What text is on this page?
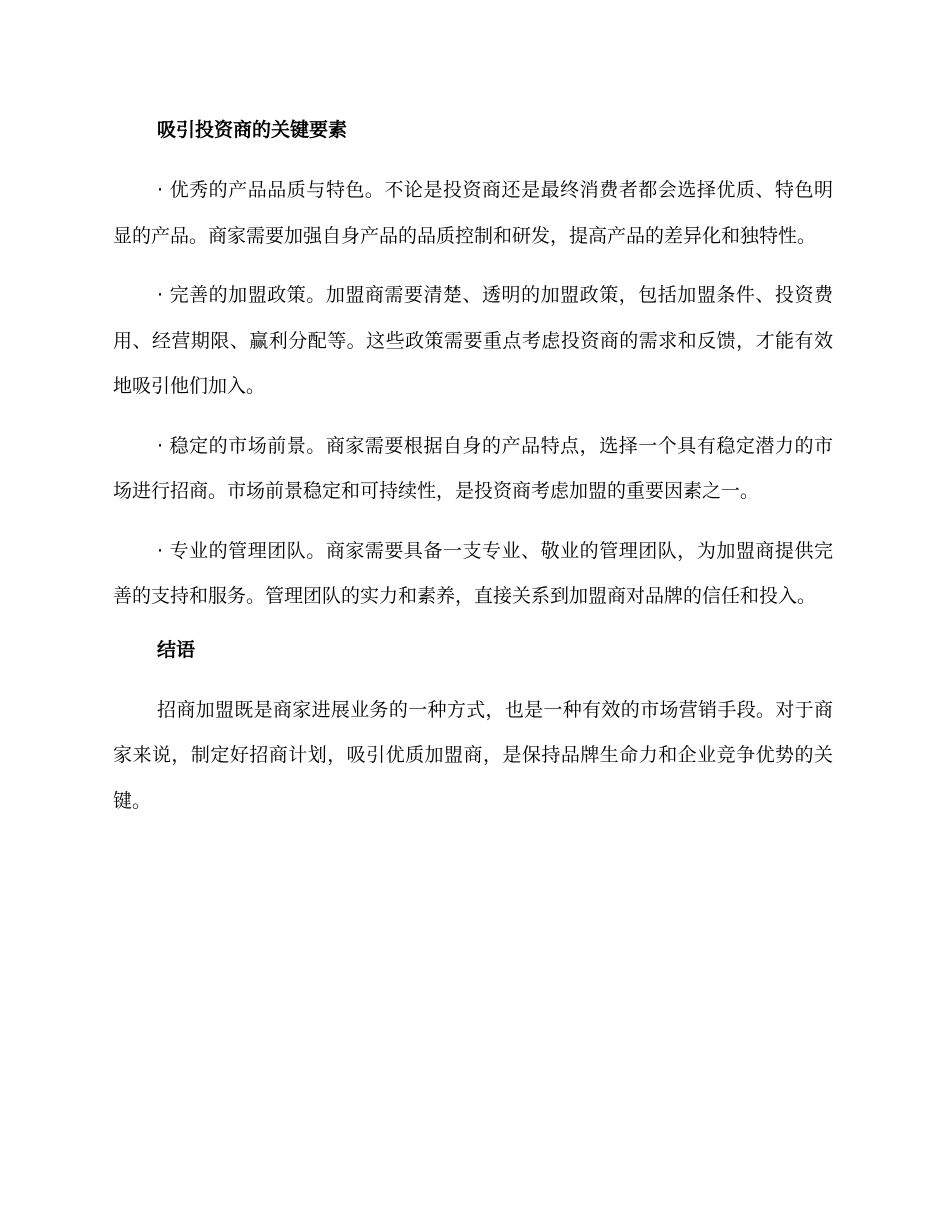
吸引投资商的关键要素

· 优秀的产品品质与特色。不论是投资商还是最终消费者都会选择优质、特色明显的产品。商家需要加强自身产品的品质控制和研发，提高产品的差异化和独特性。

· 完善的加盟政策。加盟商需要清楚、透明的加盟政策，包括加盟条件、投资费用、经营期限、赢利分配等。这些政策需要重点考虑投资商的需求和反馈，才能有效地吸引他们加入。

· 稳定的市场前景。商家需要根据自身的产品特点，选择一个具有稳定潜力的市场进行招商。市场前景稳定和可持续性，是投资商考虑加盟的重要因素之一。

· 专业的管理团队。商家需要具备一支专业、敬业的管理团队，为加盟商提供完善的支持和服务。管理团队的实力和素养，直接关系到加盟商对品牌的信任和投入。

结语

招商加盟既是商家进展业务的一种方式，也是一种有效的市场营销手段。对于商家来说，制定好招商计划，吸引优质加盟商，是保持品牌生命力和企业竞争优势的关键。
